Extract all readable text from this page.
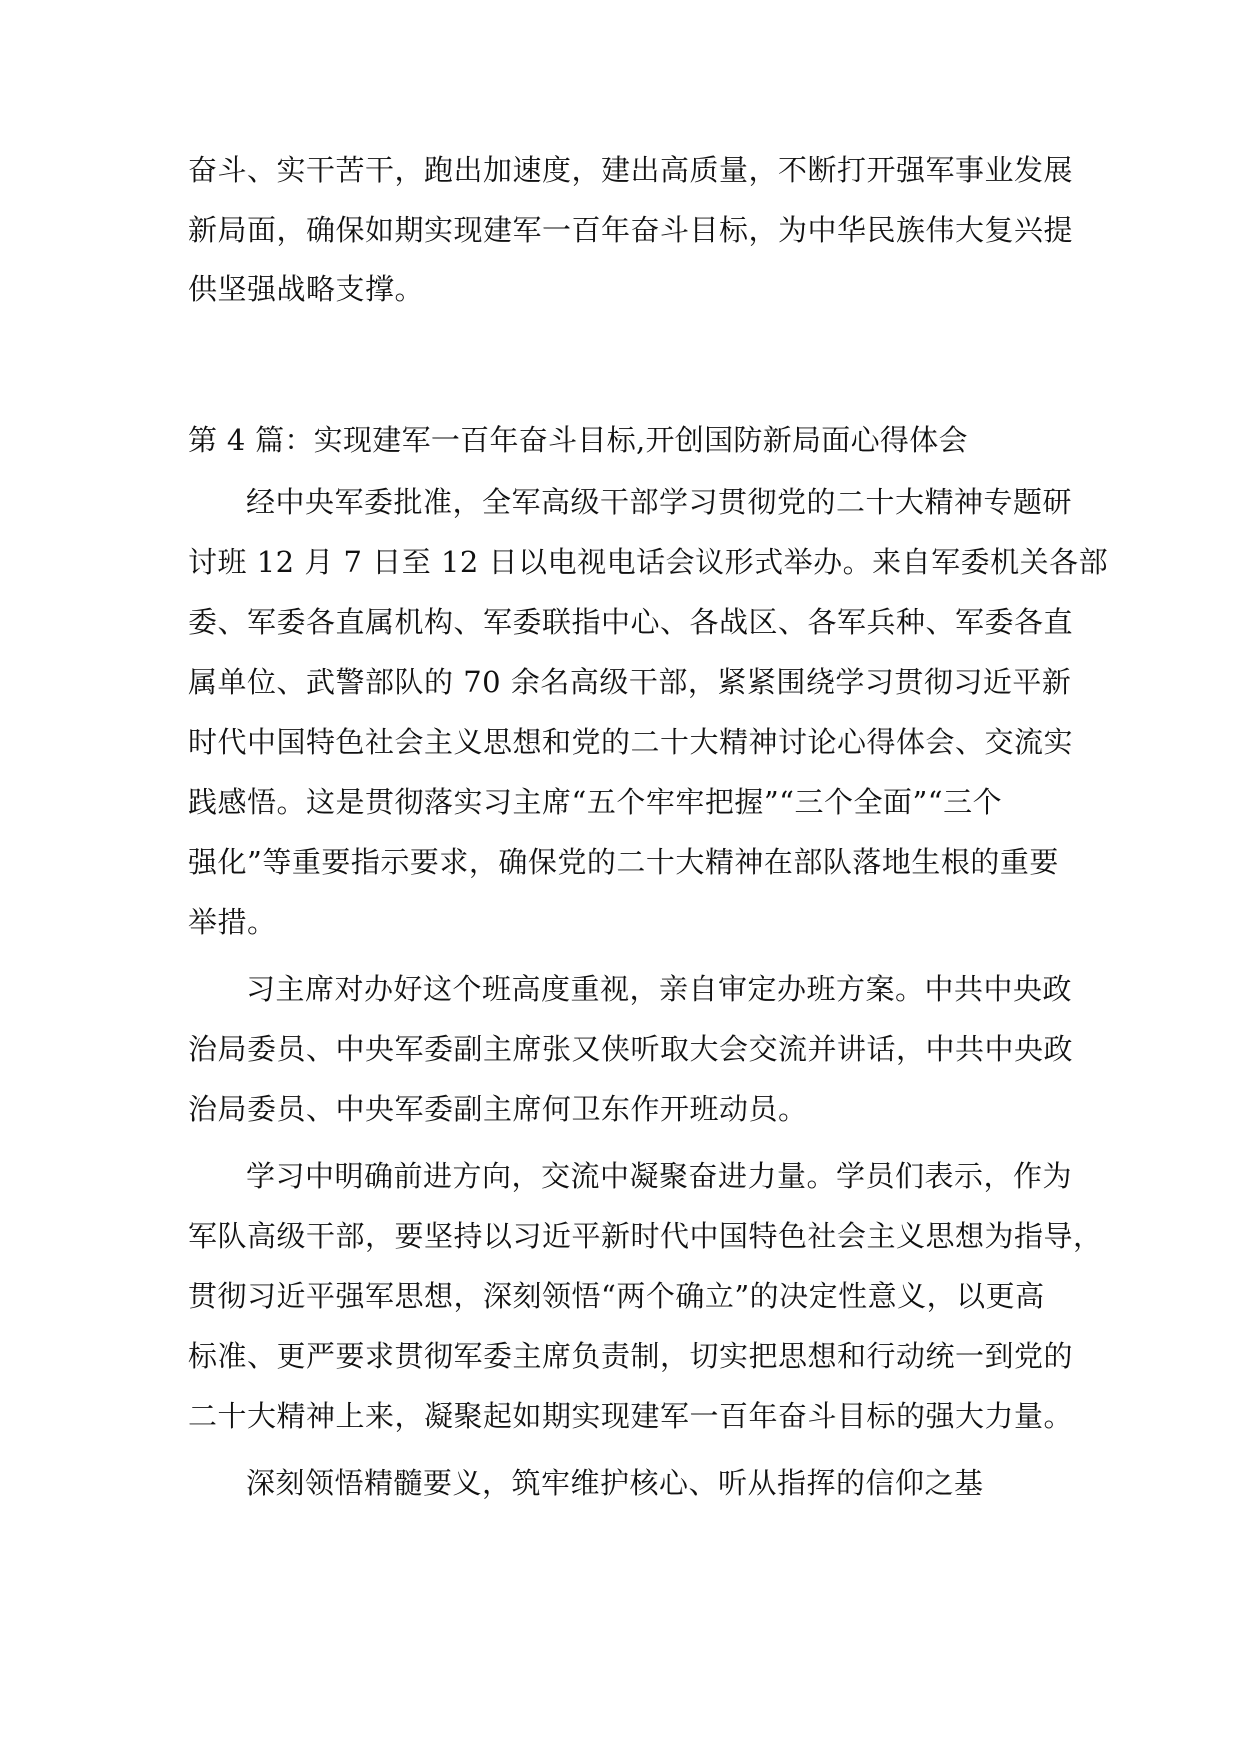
奋斗、实干苦干，跑出加速度，建出高质量，不断打开强军事业发展
新局面，确保如期实现建军一百年奋斗目标，为中华民族伟大复兴提
供坚强战略支撑。
第 4 篇：实现建军一百年奋斗目标,开创国防新局面心得体会
经中央军委批准，全军高级干部学习贯彻党的二十大精神专题研
讨班 12 月 7 日至 12 日以电视电话会议形式举办。来自军委机关各部
委、军委各直属机构、军委联指中心、各战区、各军兵种、军委各直
属单位、武警部队的 70 余名高级干部，紧紧围绕学习贯彻习近平新
时代中国特色社会主义思想和党的二十大精神讨论心得体会、交流实
践感悟。这是贯彻落实习主席“五个牢牢把握”“三个全面”“三个
强化”等重要指示要求，确保党的二十大精神在部队落地生根的重要
举措。
习主席对办好这个班高度重视，亲自审定办班方案。中共中央政
治局委员、中央军委副主席张又侠听取大会交流并讲话，中共中央政
治局委员、中央军委副主席何卫东作开班动员。
学习中明确前进方向，交流中凝聚奋进力量。学员们表示，作为
军队高级干部，要坚持以习近平新时代中国特色社会主义思想为指导，
贯彻习近平强军思想，深刻领悟“两个确立”的决定性意义，以更高
标准、更严要求贯彻军委主席负责制，切实把思想和行动统一到党的
二十大精神上来，凝聚起如期实现建军一百年奋斗目标的强大力量。
深刻领悟精髓要义，筑牢维护核心、听从指挥的信仰之基
